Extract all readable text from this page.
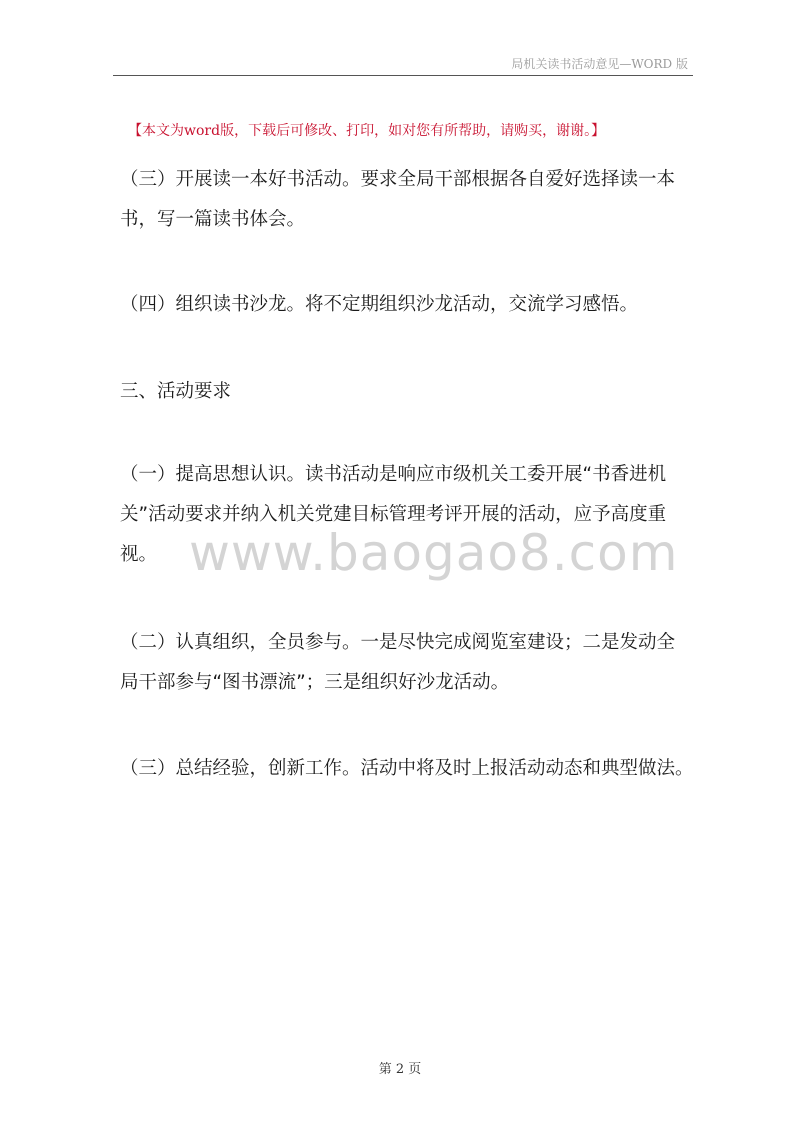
局机关读书活动意见—WORD 版
【本文为word版，下载后可修改、打印，如对您有所帮助，请购买，谢谢。】
（三）开展读一本好书活动。要求全局干部根据各自爱好选择读一本
书，写一篇读书体会。
（四）组织读书沙龙。将不定期组织沙龙活动，交流学习感悟。
三、活动要求
（一）提高思想认识。读书活动是响应市级机关工委开展“书香进机
关”活动要求并纳入机关党建目标管理考评开展的活动，应予高度重
视。
（二）认真组织，全员参与。一是尽快完成阅览室建设；二是发动全
局干部参与“图书漂流”；三是组织好沙龙活动。
（三）总结经验，创新工作。活动中将及时上报活动动态和典型做法。
www.baogao8.com
第 2 页
